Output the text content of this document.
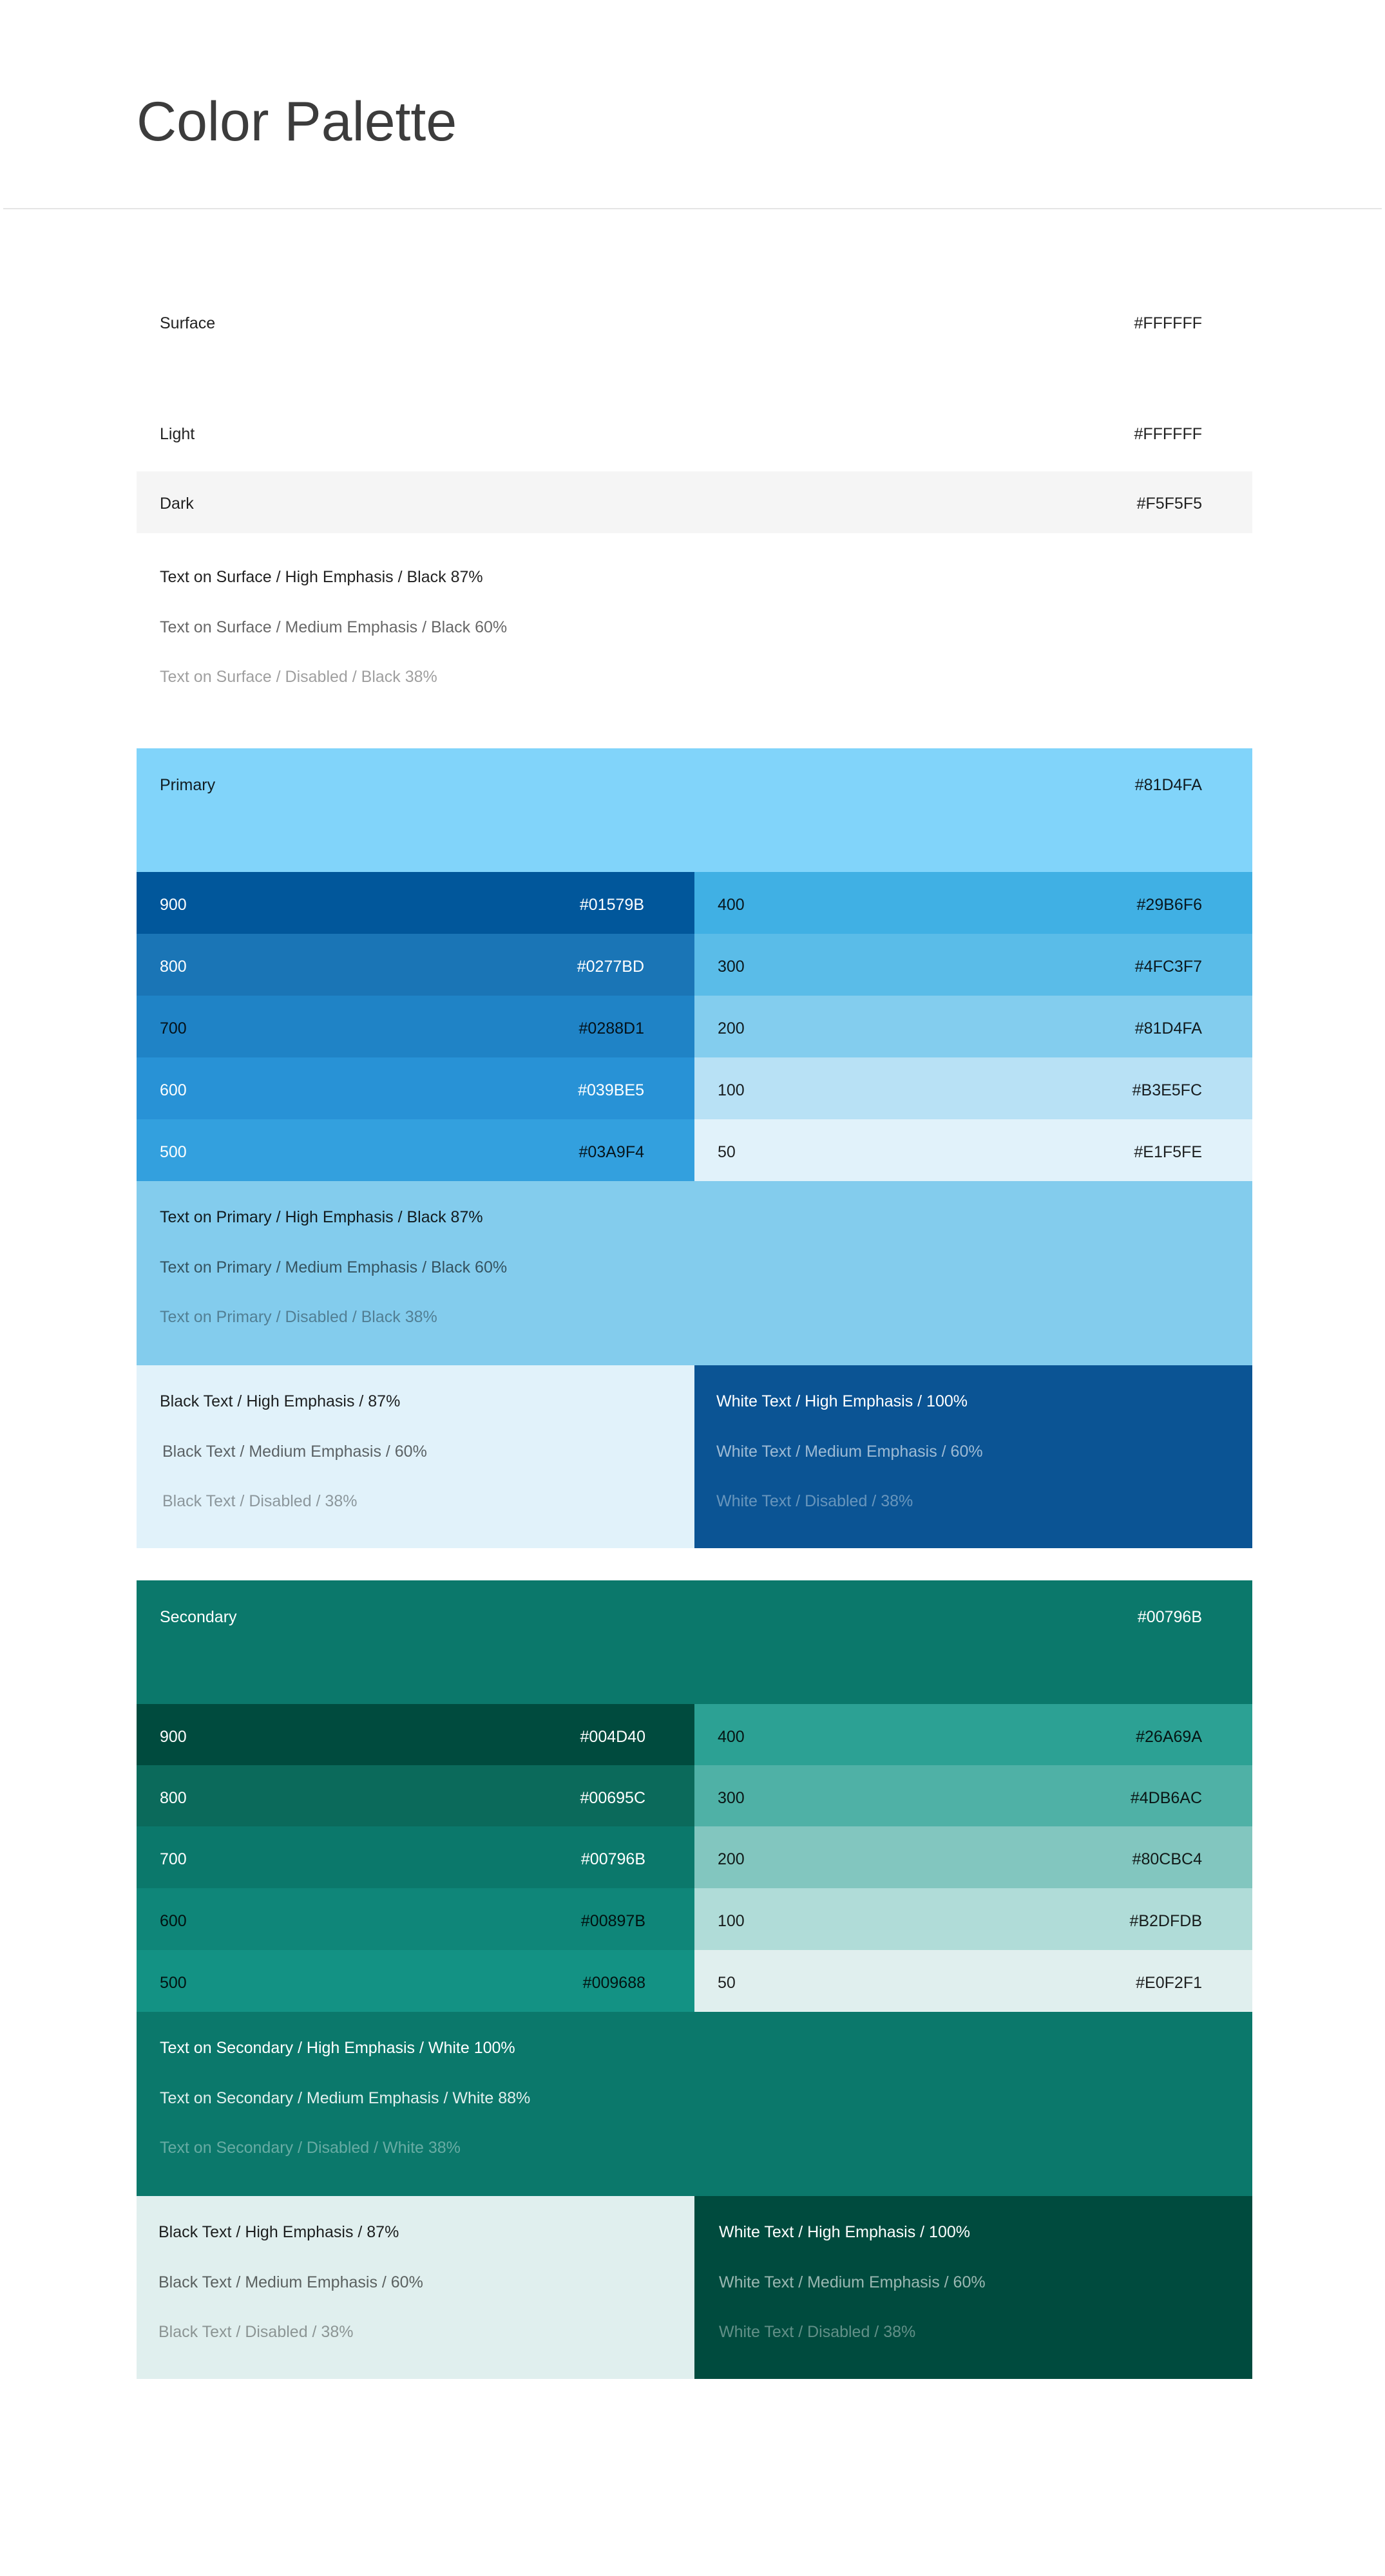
Color Palette
Surface	#FFFFFF
Light	#FFFFFF
Dark	#F5F5F5
Text on Surface / High Emphasis / Black 87%
Text on Surface / Medium Emphasis / Black 60%
Text on Surface / Disabled / Black 38%
Primary	#81D4FA
900	#01579B
800	#0277BD
700	#0288D1
600	#039BE5
500	#03A9F4
400	#29B6F6
300	#4FC3F7
200	#81D4FA
100	#B3E5FC
50	#E1F5FE
Text on Primary / High Emphasis / Black 87%
Text on Primary / Medium Emphasis / Black 60%
Text on Primary / Disabled / Black 38%
Black Text / High Emphasis / 87%
Black Text / Medium Emphasis / 60%
Black Text / Disabled / 38%
White Text / High Emphasis / 100%
White Text / Medium Emphasis / 60%
White Text / Disabled / 38%
Secondary	#00796B
900	#004D40
800	#00695C
700	#00796B
600	#00897B
500	#009688
400	#26A69A
300	#4DB6AC
200	#80CBC4
100	#B2DFDB
50	#E0F2F1
Text on Secondary / High Emphasis / White 100%
Text on Secondary / Medium Emphasis / White 88%
Text on Secondary / Disabled / White 38%
Black Text / High Emphasis / 87%
Black Text / Medium Emphasis / 60%
Black Text / Disabled / 38%
White Text / High Emphasis / 100%
White Text / Medium Emphasis / 60%
White Text / Disabled / 38%
